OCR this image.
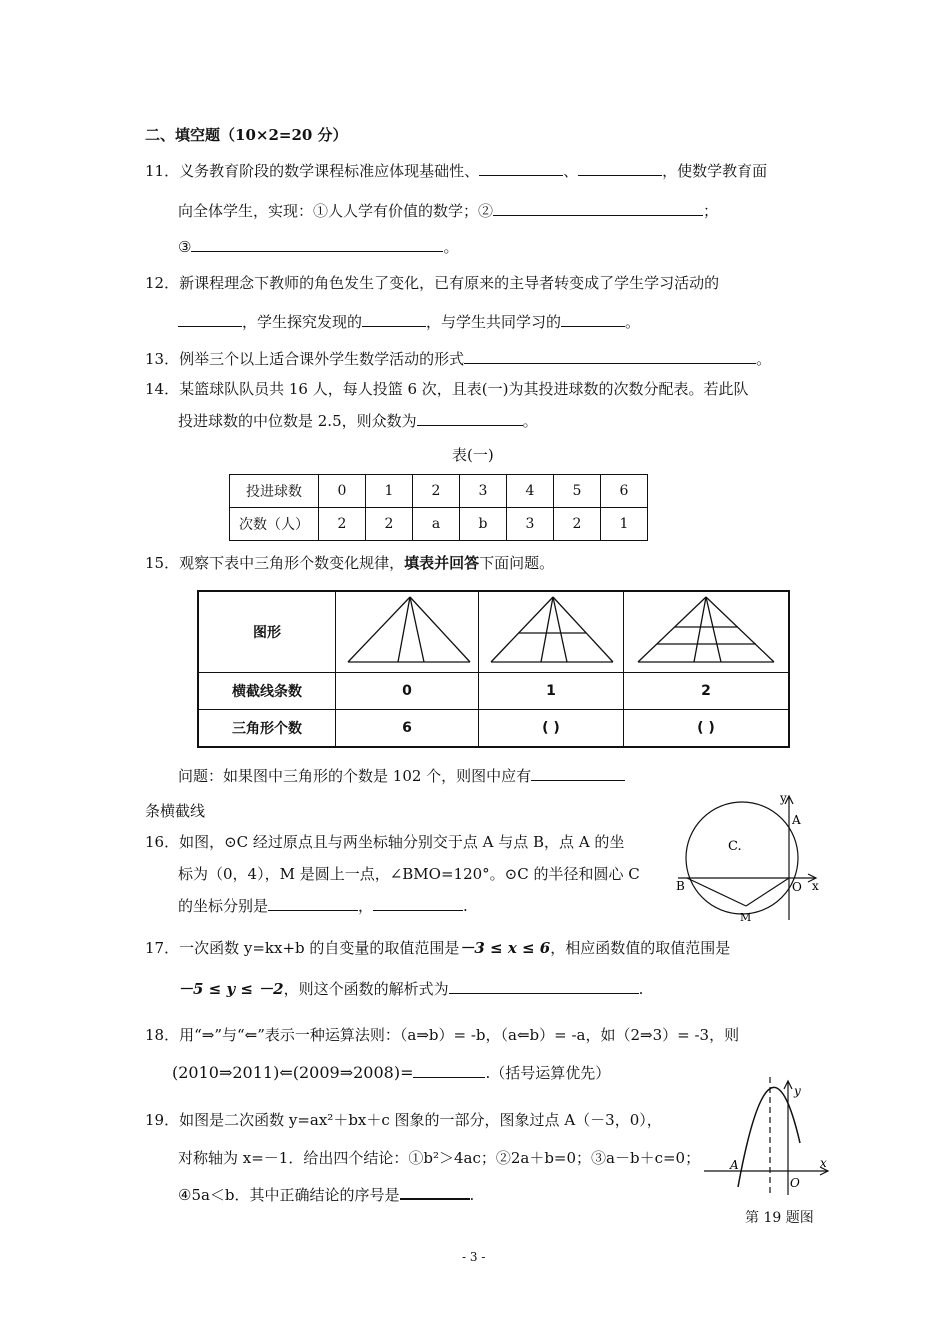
二、填空题（10×2=20 分）
11．义务教育阶段的数学课程标准应体现基础性、	、	，使数学教育面
向全体学生，实现：①人人学有价值的数学；②	；
③	。
12．新课程理念下教师的角色发生了变化，已有原来的主导者转变成了学生学习活动的
，学生探究发现的	，与学生共同学习的	。
13．例举三个以上适合课外学生数学活动的形式	。
14．某篮球队队员共 16 人，每人投篮 6 次，且表(一)为其投进球数的次数分配表。若此队
投进球数的中位数是 2.5，则众数为	。
表(一)
投进球数	0	1	2	3	4	5	6
次数（人）	2	2	a	b	3	2	1
15．观察下表中三角形个数变化规律，填表并回答下面问题。
图形			
横截线条数	0	1	2
三角形个数	6	( )	( )
问题：如果图中三角形的个数是 102 个，则图中应有
条横截线
16．如图，⊙C 经过原点且与两坐标轴分别交于点 A 与点 B，点 A 的坐
标为（0，4），M 是圆上一点，∠BMO=120°。⊙C 的半径和圆心 C
的坐标分别是	，	.
y
A
C.
B	O x
M
17．一次函数 y=kx+b 的自变量的取值范围是－3 ≤ x ≤ 6，相应函数值的取值范围是
－5 ≤ y ≤ －2，则这个函数的解析式为	.
18．用“⇒”与“⇐”表示一种运算法则：（a⇒b）= -b，（a⇐b）= -a，如（2⇒3）= -3，则
(2010⇒2011)⇐(2009⇒2008)=	.（括号运算优先）
19．如图是二次函数 y=ax²＋bx＋c 图象的一部分，图象过点 A（－3，0），
对称轴为 x=－1．给出四个结论：①b²＞4ac；②2a＋b=0；③a－b＋c=0；
④5a＜b．其中正确结论的序号是	.
y
x
A
O
第 19 题图
- 3 -
